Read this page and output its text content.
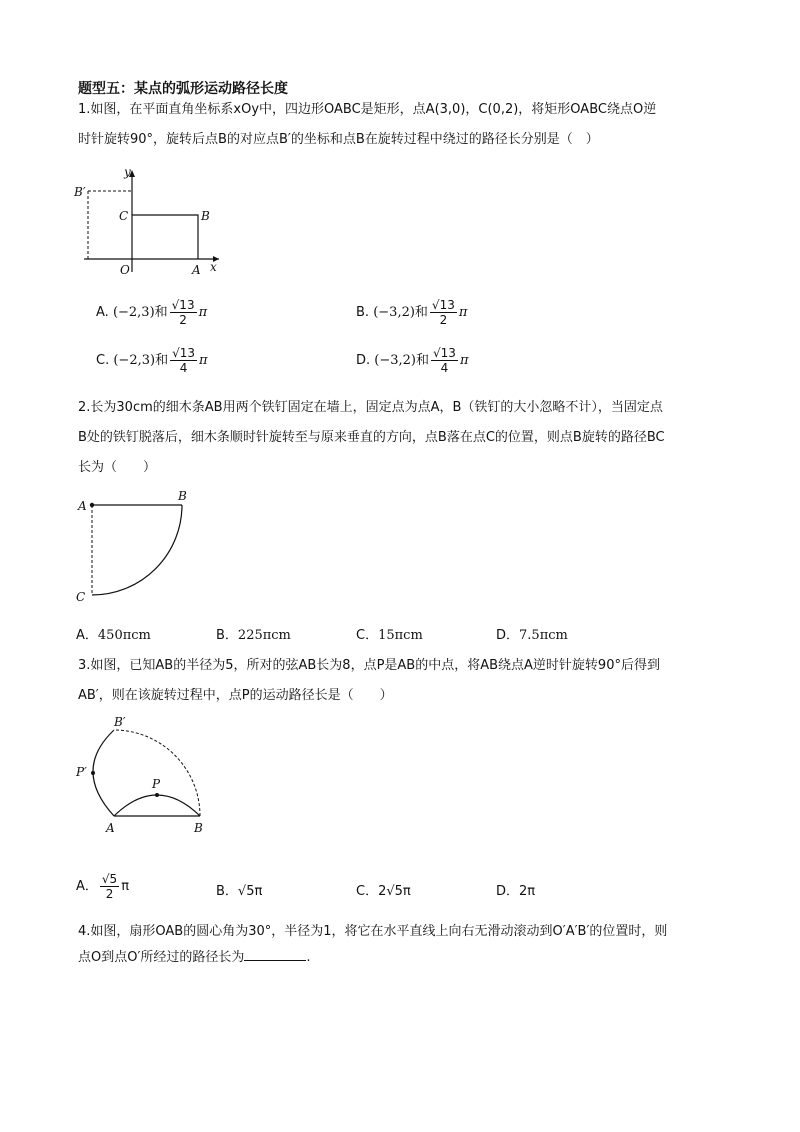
题型五：某点的弧形运动路径长度
1.如图，在平面直角坐标系xOy中，四边形OABC是矩形，点A(3,0)，C(0,2)，将矩形OABC绕点O逆
时针旋转90°，旋转后点B的对应点B′的坐标和点B在旋转过程中绕过的路径长分别是（　）
y
x
O	A
B
C
B′
A. (−2,3)和 $\frac{√13}{2}$ π	B. (−3,2)和 $\frac{√13}{2}$ π
C. (−2,3)和 $\frac{√13}{4}$ π	D. (−3,2)和 $\frac{√13}{4}$ π
2.长为30cm的细木条AB用两个铁钉固定在墙上，固定点为点A，B（铁钉的大小忽略不计），当固定点
B处的铁钉脱落后，细木条顺时针旋转至与原来垂直的方向，点B落在点C的位置，则点B旋转的路径BC
长为（　　）
A
B
C
A．450πcm	B．225πcm	C．15πcm	D．7.5πcm
3.如图，已知AB的半径为5，所对的弦AB长为8，点P是AB的中点，将AB绕点A逆时针旋转90°后得到
AB′，则在该旋转过程中，点P的运动路径长是（　　）
B′
P′
P
A	B
A． $\frac{√5}{2}$ π	B．√5π	C．2√5π	D．2π
4.如图，扇形OAB的圆心角为30°，半径为1，将它在水平直线上向右无滑动滚动到O′A′B′的位置时，则
点O到点O′所经过的路径长为	.
